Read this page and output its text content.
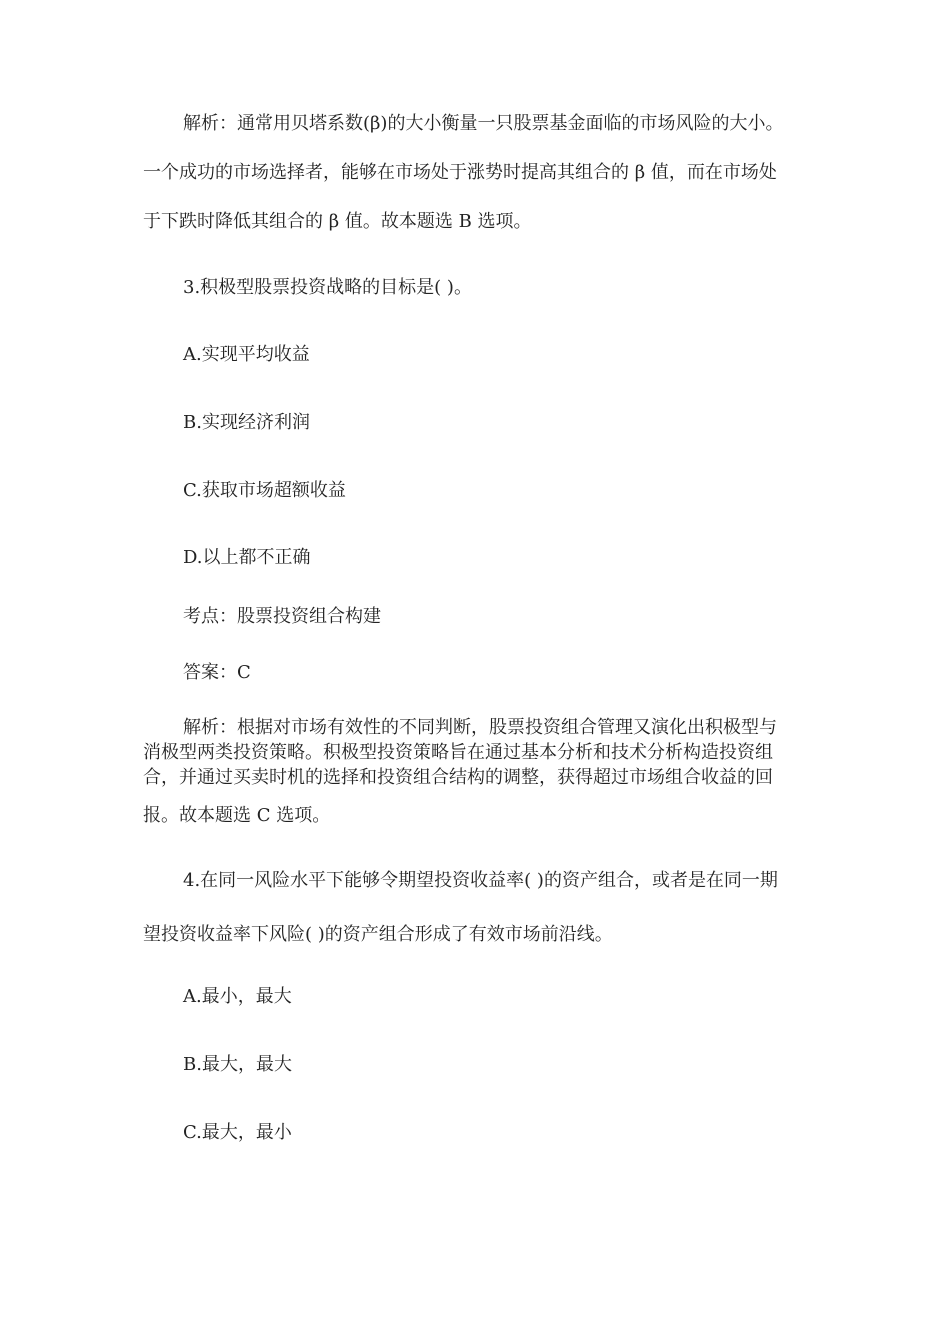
解析：通常用贝塔系数(β)的大小衡量一只股票基金面临的市场风险的大小。
一个成功的市场选择者，能够在市场处于涨势时提高其组合的 β 值，而在市场处
于下跌时降低其组合的 β 值。故本题选 B 选项。
3.积极型股票投资战略的目标是( )。
A.实现平均收益
B.实现经济利润
C.获取市场超额收益
D.以上都不正确
考点：股票投资组合构建
答案：C
解析：根据对市场有效性的不同判断，股票投资组合管理又演化出积极型与
消极型两类投资策略。积极型投资策略旨在通过基本分析和技术分析构造投资组
合，并通过买卖时机的选择和投资组合结构的调整，获得超过市场组合收益的回
报。故本题选 C 选项。
4.在同一风险水平下能够令期望投资收益率( )的资产组合，或者是在同一期
望投资收益率下风险( )的资产组合形成了有效市场前沿线。
A.最小，最大
B.最大，最大
C.最大，最小
